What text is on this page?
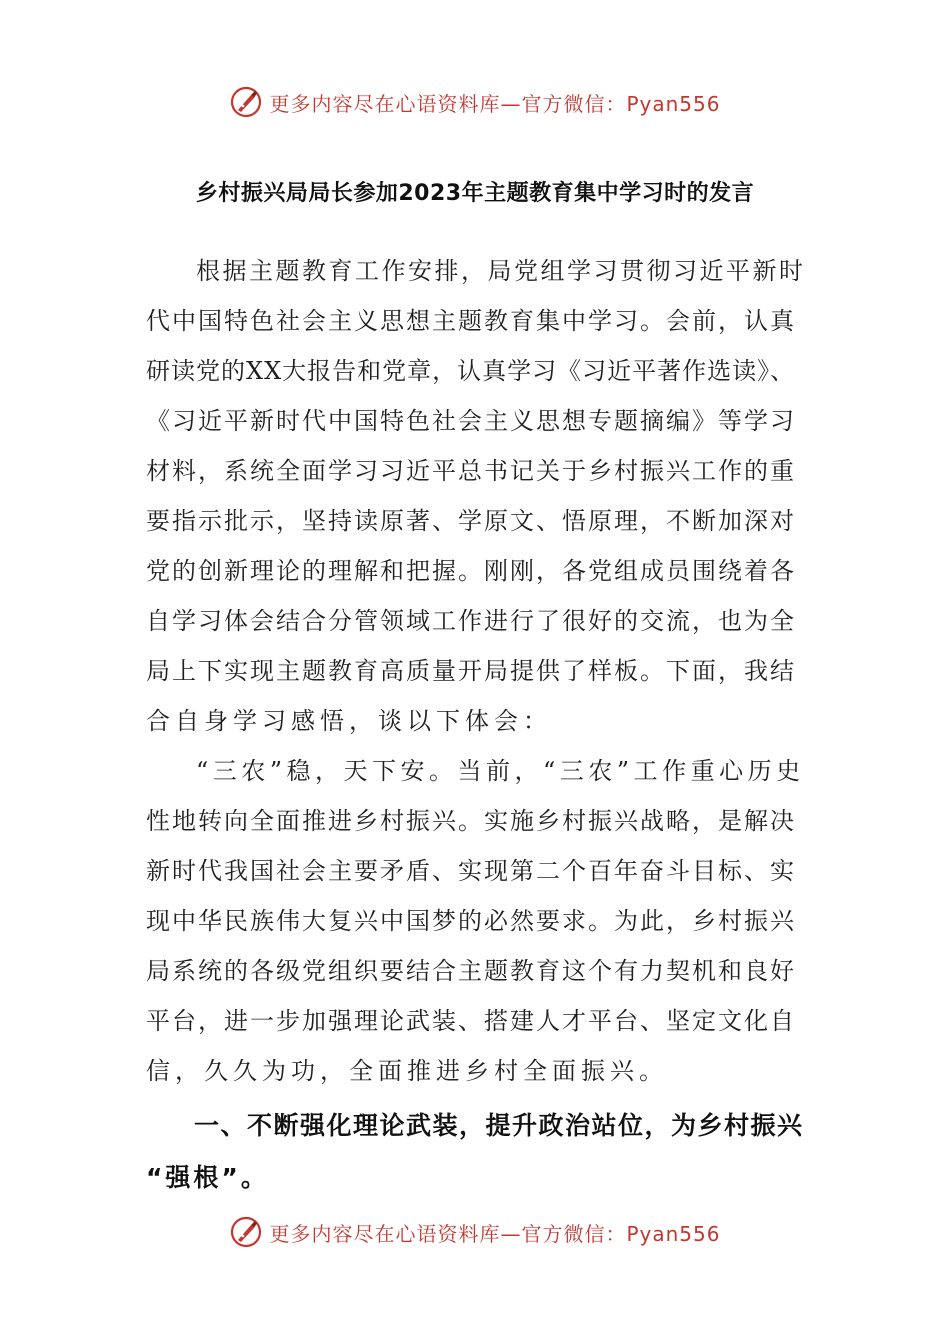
更多内容尽在心语资料库—官方微信：Pyan556
乡村振兴局局长参加2023年主题教育集中学习时的发言

根据主题教育工作安排，局党组学习贯彻习近平新时
代中国特色社会主义思想主题教育集中学习。会前，认真
研读党的XX大报告和党章，认真学习《习近平著作选读》、
《习近平新时代中国特色社会主义思想专题摘编》等学习
材料，系统全面学习习近平总书记关于乡村振兴工作的重
要指示批示，坚持读原著、学原文、悟原理，不断加深对
党的创新理论的理解和把握。刚刚，各党组成员围绕着各
自学习体会结合分管领域工作进行了很好的交流，也为全
局上下实现主题教育高质量开局提供了样板。下面，我结
合自身学习感悟，谈以下体会：

“三农”稳，天下安。当前，“三农”工作重心历史
性地转向全面推进乡村振兴。实施乡村振兴战略，是解决
新时代我国社会主要矛盾、实现第二个百年奋斗目标、实
现中华民族伟大复兴中国梦的必然要求。为此，乡村振兴
局系统的各级党组织要结合主题教育这个有力契机和良好
平台，进一步加强理论武装、搭建人才平台、坚定文化自
信，久久为功，全面推进乡村全面振兴。

一、不断强化理论武装，提升政治站位，为乡村振兴
“强根”。

更多内容尽在心语资料库—官方微信：Pyan556
